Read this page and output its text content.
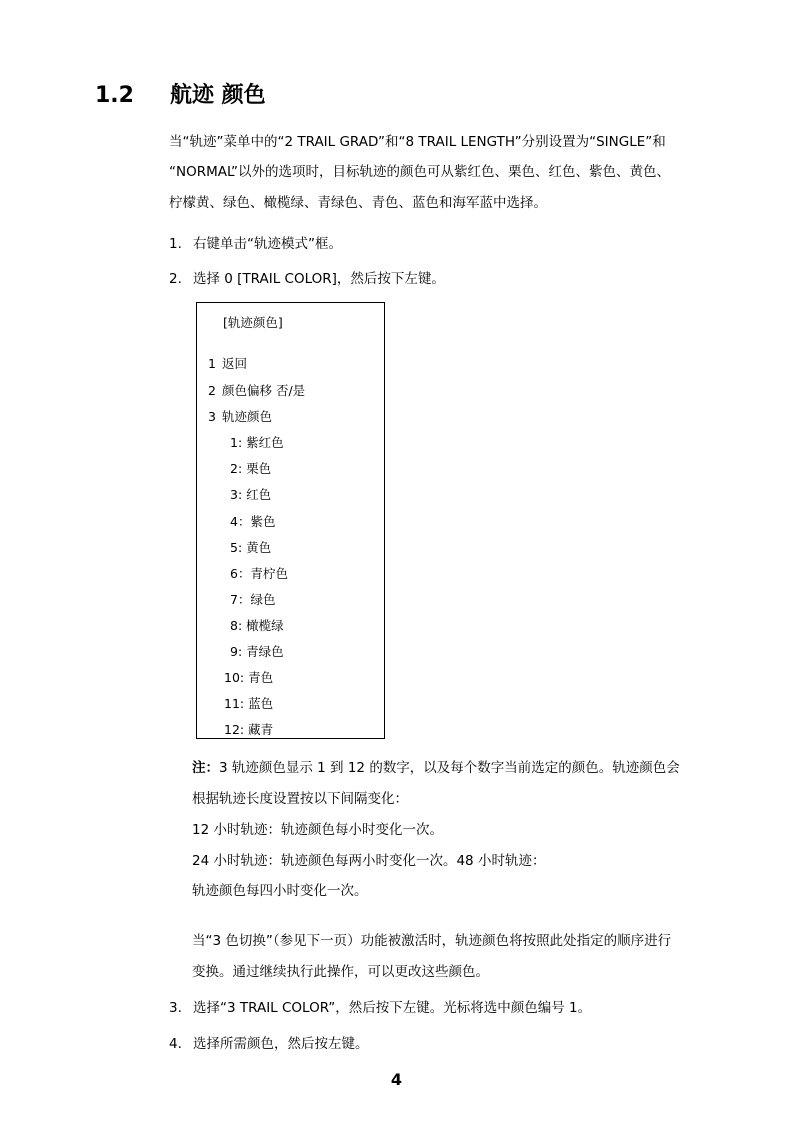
1.2 航迹 颜色
当“轨迹”菜单中的“2 TRAIL GRAD”和“8 TRAIL LENGTH”分别设置为“SINGLE”和
“NORMAL”以外的选项时，目标轨迹的颜色可从紫红色、栗色、红色、紫色、黄色、
柠檬黄、绿色、橄榄绿、青绿色、青色、蓝色和海军蓝中选择。
1. 右键单击“轨迹模式”框。
2. 选择 0 [TRAIL COLOR]，然后按下左键。
[轨迹颜色]
1 返回
2 颜色偏移 否/是
3 轨迹颜色
1: 紫红色
2: 栗色
3: 红色
4：紫色
5: 黄色
6：青柠色
7：绿色
8: 橄榄绿
9: 青绿色
10: 青色
11: 蓝色
12: 藏青
注：3 轨迹颜色显示 1 到 12 的数字，以及每个数字当前选定的颜色。轨迹颜色会
根据轨迹长度设置按以下间隔变化：
12 小时轨迹：轨迹颜色每小时变化一次。
24 小时轨迹：轨迹颜色每两小时变化一次。48 小时轨迹：
轨迹颜色每四小时变化一次。
当“3 色切换”（参见下一页）功能被激活时，轨迹颜色将按照此处指定的顺序进行
变换。通过继续执行此操作，可以更改这些颜色。
3. 选择“3 TRAIL COLOR”，然后按下左键。光标将选中颜色编号 1。
4. 选择所需颜色，然后按左键。
4
